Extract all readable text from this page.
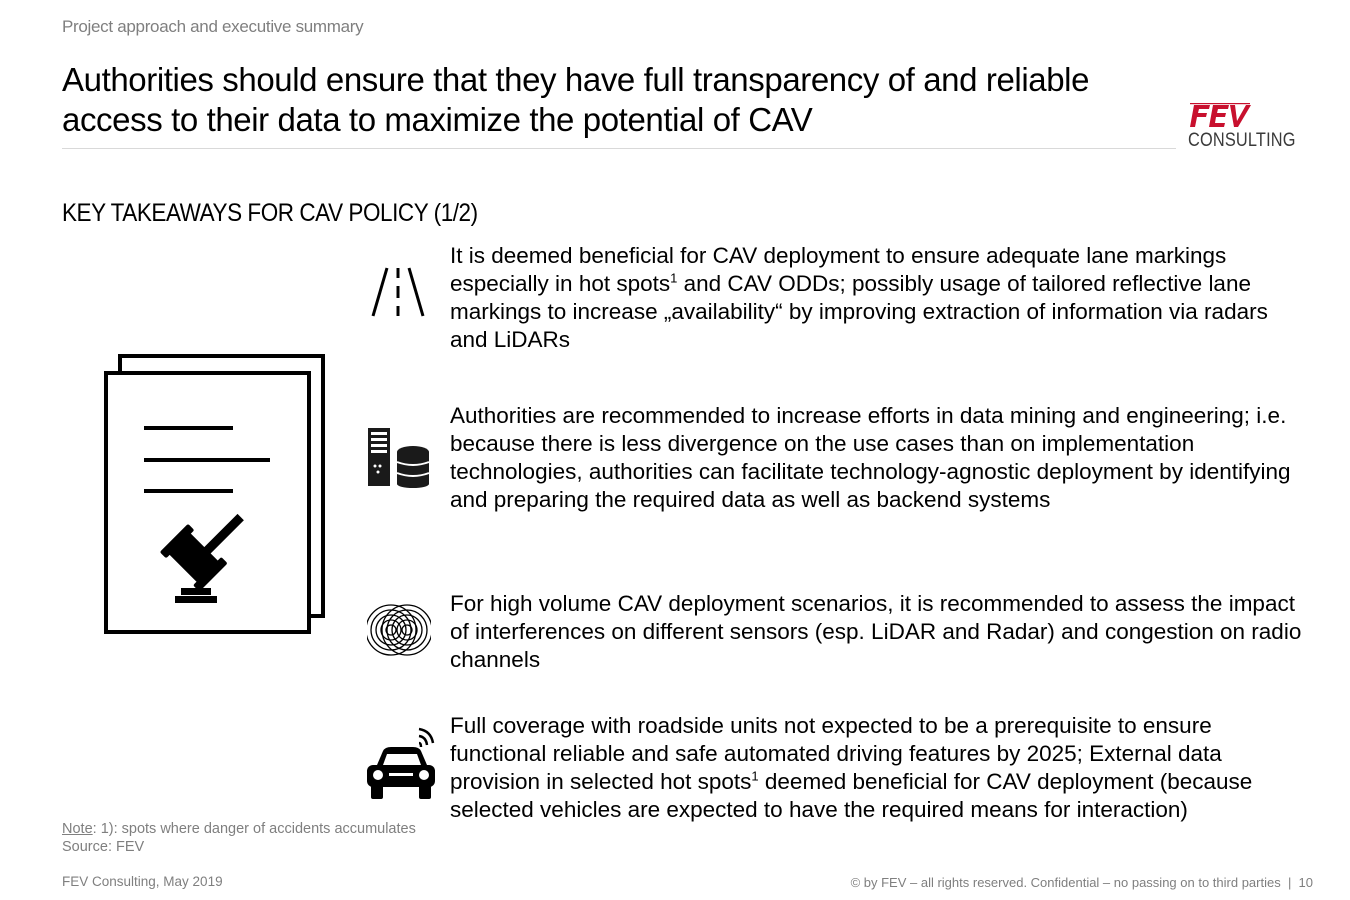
Project approach and executive summary
Authorities should ensure that they have full transparency of and reliable access to their data to maximize the potential of CAV
CONSULTING
KEY TAKEAWAYS FOR CAV POLICY (1/2)
It is deemed beneficial for CAV deployment to ensure adequate lane markings especially in hot spots$^1$ and CAV ODDs; possibly usage of tailored reflective lane markings to increase „availability“ by improving extraction of information via radars and LiDARs
Authorities are recommended to increase efforts in data mining and engineering; i.e. because there is less divergence on the use cases than on implementation technologies, authorities can facilitate technology-agnostic deployment by identifying and preparing the required data as well as backend systems
For high volume CAV deployment scenarios, it is recommended to assess the impact of interferences on different sensors (esp. LiDAR and Radar) and congestion on radio channels
Full coverage with roadside units not expected to be a prerequisite to ensure functional reliable and safe automated driving features by 2025; External data provision in selected hot spots$^1$ deemed beneficial for CAV deployment (because selected vehicles are expected to have the required means for interaction)
Note: 1): spots where danger of accidents accumulates
Source: FEV
FEV Consulting, May 2019	© by FEV – all rights reserved. Confidential – no passing on to third parties  |  10
